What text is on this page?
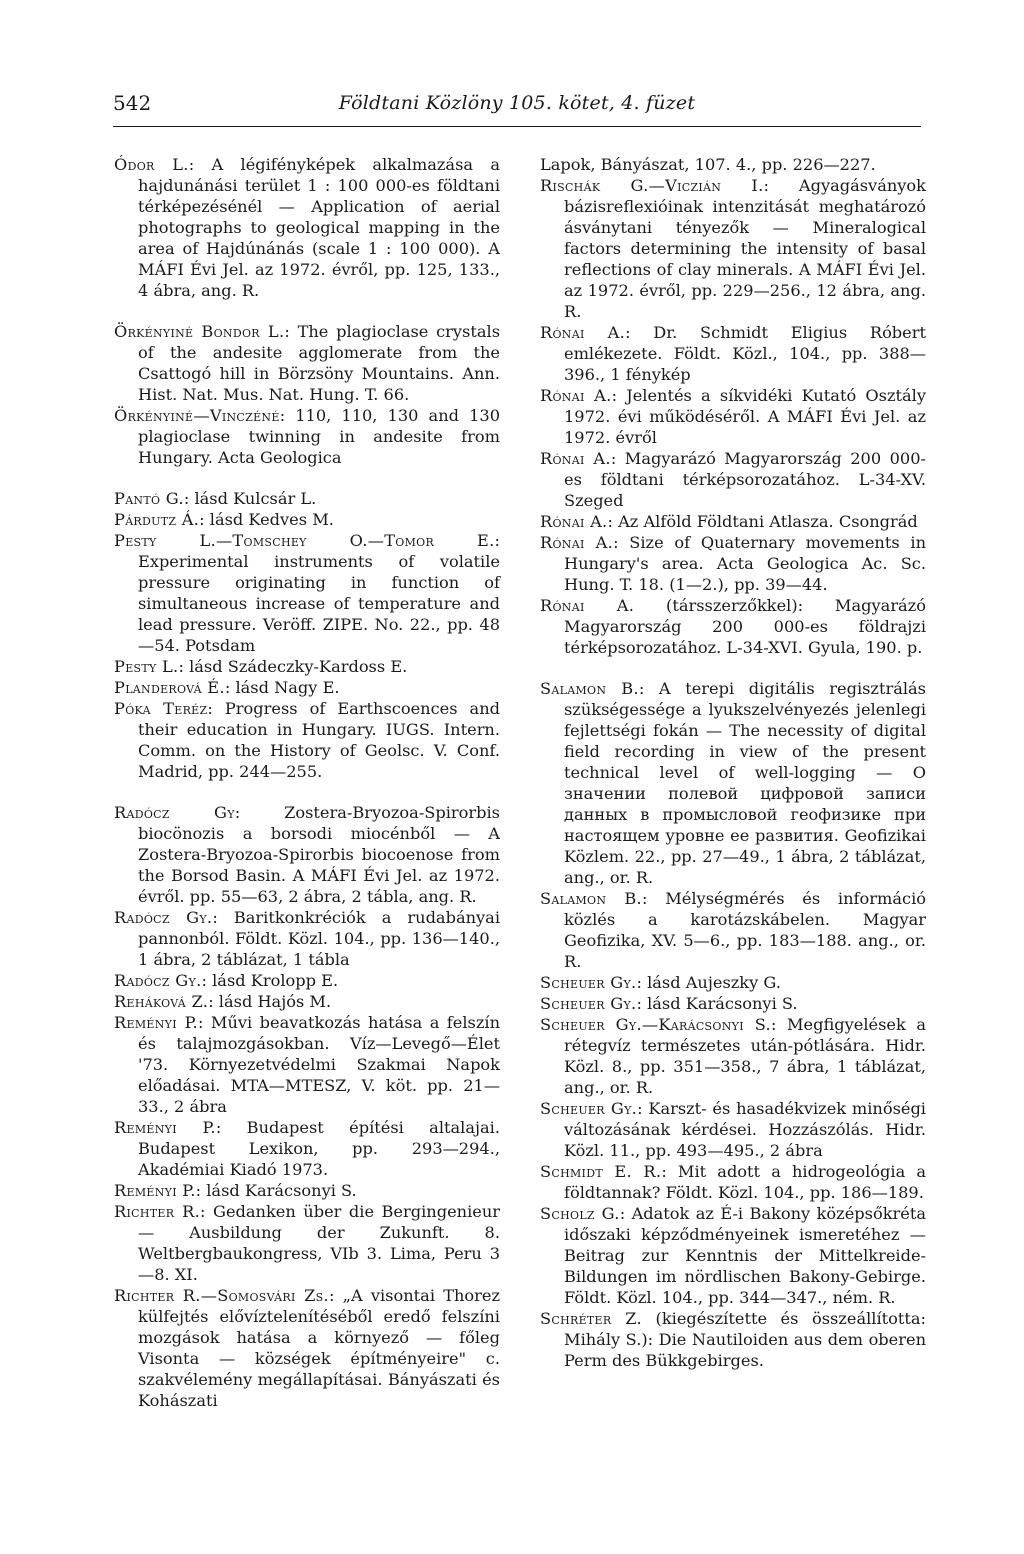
542	Földtani Közlöny 105. kötet, 4. füzet

Ódor L.: A légifényképek alkalmazása a hajdunánási terület 1 : 100 000-es földtani térképezésénél — Application of aerial photographs to geological mapping in the area of Hajdúnánás (scale 1 : 100 000). A MÁFI Évi Jel. az 1972. évről, pp. 125, 133., 4 ábra, ang. R.

Örkényiné Bondor L.: The plagioclase crystals of the andesite agglomerate from the Csattogó hill in Börzsöny Mountains. Ann. Hist. Nat. Mus. Nat. Hung. T. 66.

Örkényiné—Vinczéné: 110, 110, 130 and 130 plagioclase twinning in andesite from Hungary. Acta Geologica

Pantó G.: lásd Kulcsár L.

Párdutz Á.: lásd Kedves M.

Pesty L.—Tomschey O.—Tomor E.: Experimental instruments of volatile pressure originating in function of simultaneous increase of temperature and lead pressure. Veröff. ZIPE. No. 22., pp. 48—54. Potsdam

Pesty L.: lásd Szádeczky-Kardoss E.

Planderová É.: lásd Nagy E.

Póka Teréz: Progress of Earthscoences and their education in Hungary. IUGS. Intern. Comm. on the History of Geolsc. V. Conf. Madrid, pp. 244—255.

Radócz Gy: Zostera-Bryozoa-Spirorbis biocönozis a borsodi miocénből — A Zostera-Bryozoa-Spirorbis biocoenose from the Borsod Basin. A MÁFI Évi Jel. az 1972. évről. pp. 55—63, 2 ábra, 2 tábla, ang. R.

Radócz Gy.: Baritkonkréciók a rudabányai pannonból. Földt. Közl. 104., pp. 136—140., 1 ábra, 2 táblázat, 1 tábla

Radócz Gy.: lásd Krolopp E.

Reháková Z.: lásd Hajós M.

Reményi P.: Művi beavatkozás hatása a felszín és talajmozgásokban. Víz—Levegő—Élet '73. Környezetvédelmi Szakmai Napok előadásai. MTA—MTESZ, V. köt. pp. 21—33., 2 ábra

Reményi P.: Budapest építési altalajai. Budapest Lexikon, pp. 293—294., Akadémiai Kiadó 1973.

Reményi P.: lásd Karácsonyi S.

Richter R.: Gedanken über die Bergingenieur — Ausbildung der Zukunft. 8. Weltbergbaukongress, VIb 3. Lima, Peru 3—8. XI.

Richter R.—Somosvári Zs.: „A visontai Thorez külfejtés elővíztelenítéséből eredő felszíni mozgások hatása a környező — főleg Visonta — községek építményeire" c. szakvélemény megállapításai. Bányászati és Kohászati

Lapok, Bányászat, 107. 4., pp. 226—227.

Rischák G.—Viczián I.: Agyagásványok bázisreflexióinak intenzitását meghatározó ásványtani tényezők — Mineralogical factors determining the intensity of basal reflections of clay minerals. A MÁFI Évi Jel. az 1972. évről, pp. 229—256., 12 ábra, ang. R.

Rónai A.: Dr. Schmidt Eligius Róbert emlékezete. Földt. Közl., 104., pp. 388—396., 1 fénykép

Rónai A.: Jelentés a síkvidéki Kutató Osztály 1972. évi működéséről. A MÁFI Évi Jel. az 1972. évről

Rónai A.: Magyarázó Magyarország 200 000-es földtani térképsorozatához. L-34-XV. Szeged

Rónai A.: Az Alföld Földtani Atlasza. Csongrád

Rónai A.: Size of Quaternary movements in Hungary's area. Acta Geologica Ac. Sc. Hung. T. 18. (1—2.), pp. 39—44.

Rónai A. (társszerzőkkel): Magyarázó Magyarország 200 000-es földrajzi térképsorozatához. L-34-XVI. Gyula, 190. p.

Salamon B.: A terepi digitális regisztrálás szükségessége a lyukszelvényezés jelenlegi fejlettségi fokán — The necessity of digital field recording in view of the present technical level of well-logging — О значении полевой цифровой записи данных в промысловой геофизике при настоящем уровне ее развития. Geofizikai Közlem. 22., pp. 27—49., 1 ábra, 2 táblázat, ang., or. R.

Salamon B.: Mélységmérés és információ közlés a karotázskábelen. Magyar Geofizika, XV. 5—6., pp. 183—188. ang., or. R.

Scheuer Gy.: lásd Aujeszky G.

Scheuer Gy.: lásd Karácsonyi S.

Scheuer Gy.—Karácsonyi S.: Megfigyelések a rétegvíz természetes után-pótlására. Hidr. Közl. 8., pp. 351—358., 7 ábra, 1 táblázat, ang., or. R.

Scheuer Gy.: Karszt- és hasadékvizek minőségi változásának kérdései. Hozzászólás. Hidr. Közl. 11., pp. 493—495., 2 ábra

Schmidt E. R.: Mit adott a hidrogeológia a földtannak? Földt. Közl. 104., pp. 186—189.

Scholz G.: Adatok az É-i Bakony középsőkréta időszaki képződményeinek ismeretéhez — Beitrag zur Kenntnis der Mittelkreide-Bildungen im nördlischen Bakony-Gebirge. Földt. Közl. 104., pp. 344—347., ném. R.

Schréter Z. (kiegészítette és összeállította: Mihály S.): Die Nautiloiden aus dem oberen Perm des Bükkgebirges.
